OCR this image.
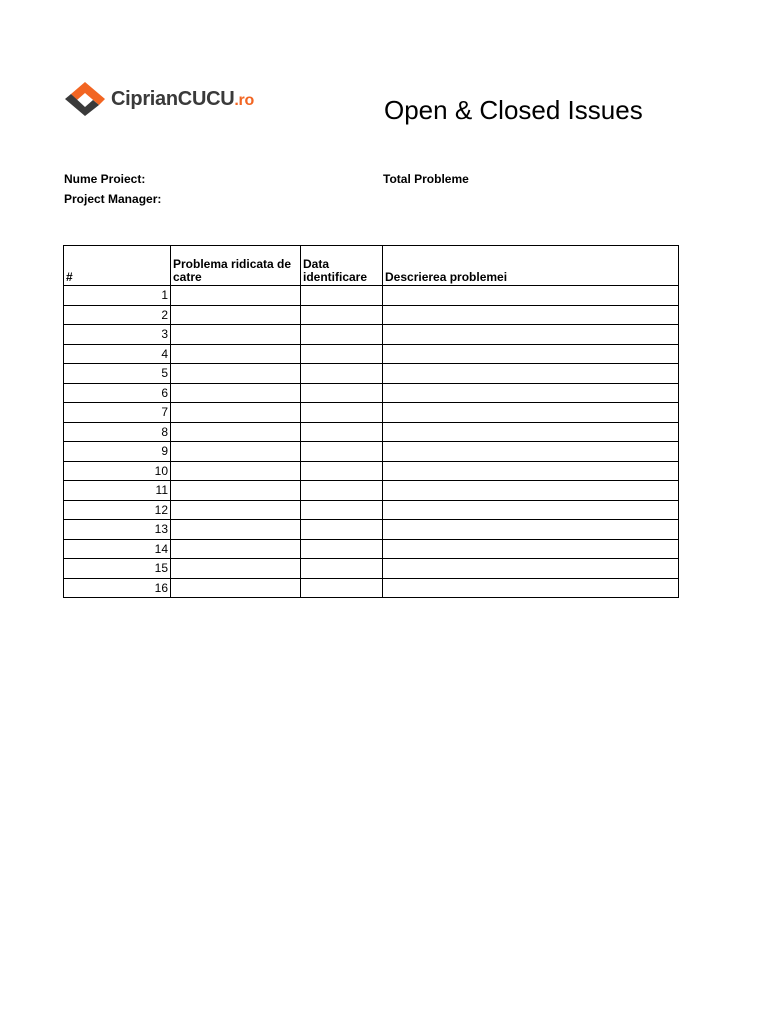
CiprianCUCU.ro	Open & Closed Issues
Nume Proiect:
Project Manager:
Total Probleme
#	Problema ridicata de catre	Data identificare	Descrierea problemei
1			
2			
3			
4			
5			
6			
7			
8			
9			
10			
11			
12			
13			
14			
15			
16			
